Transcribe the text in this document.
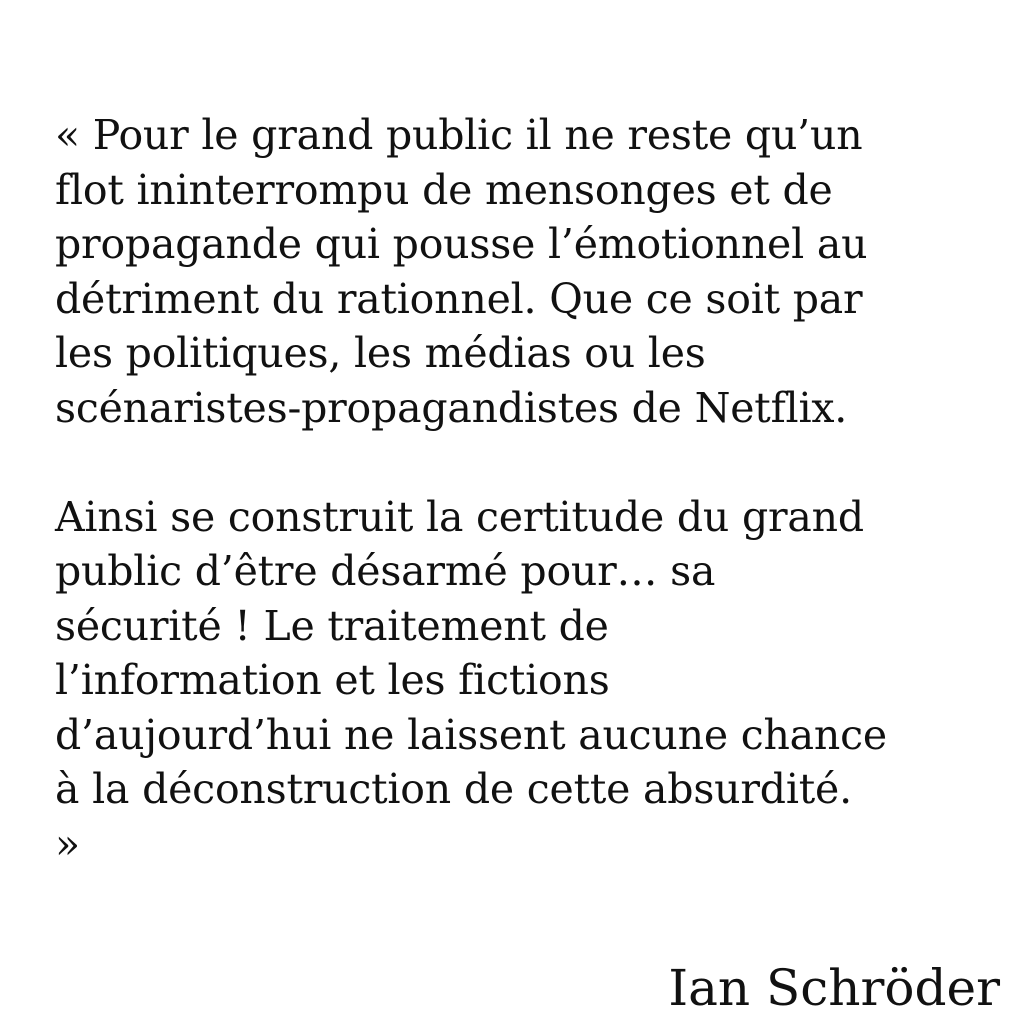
« Pour le grand public il ne reste qu’un
flot ininterrompu de mensonges et de
propagande qui pousse l’émotionnel au
détriment du rationnel. Que ce soit par
les politiques, les médias ou les
scénaristes-propagandistes de Netflix.
Ainsi se construit la certitude du grand
public d’être désarmé pour… sa
sécurité ! Le traitement de
l’information et les fictions
d’aujourd’hui ne laissent aucune chance
à la déconstruction de cette absurdité.
»
Ian Schröder
